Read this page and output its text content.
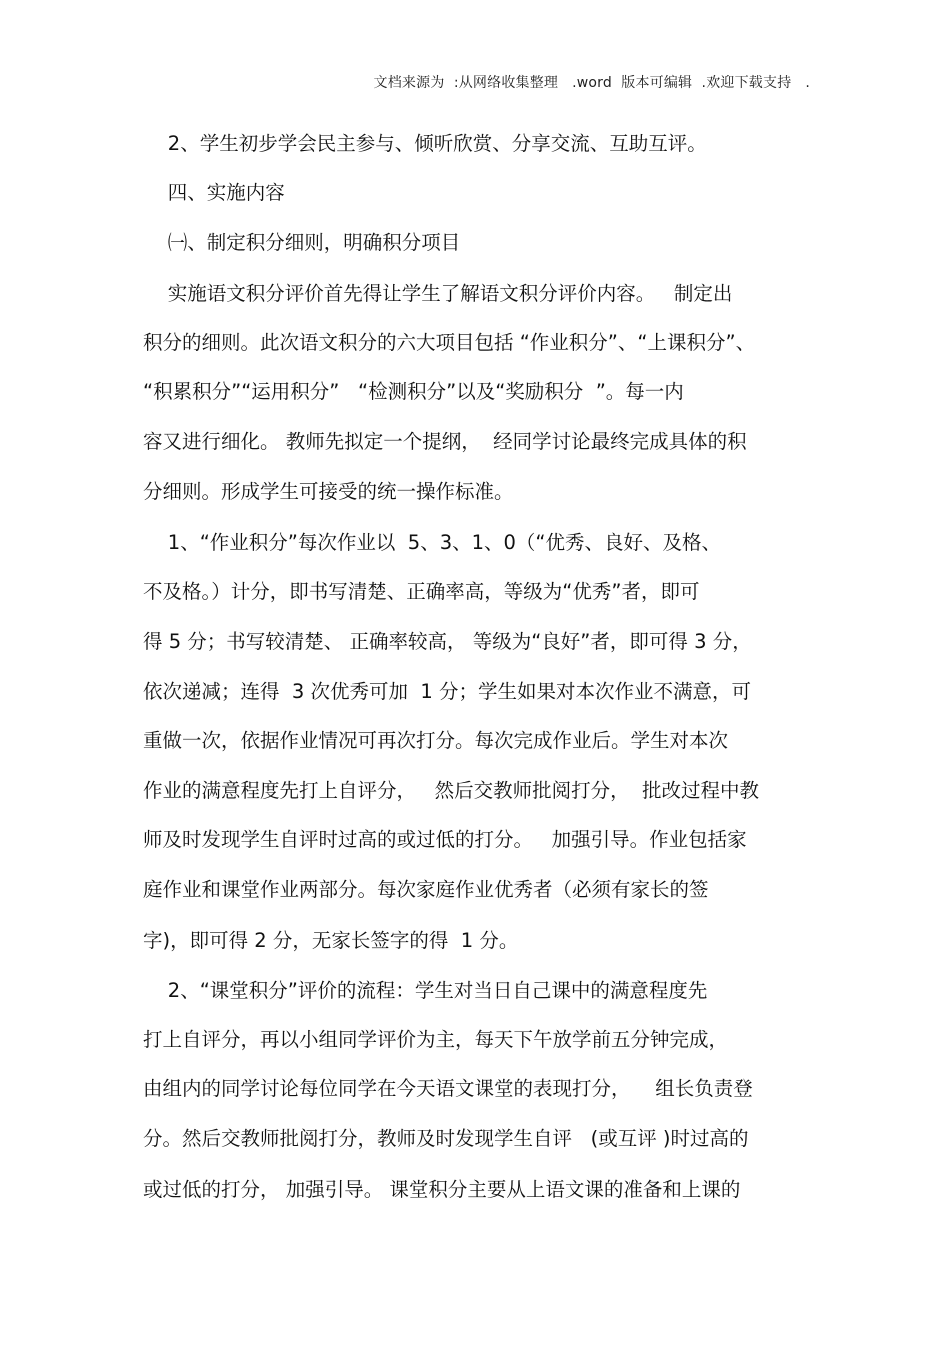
文档来源为  :从网络收集整理   .word  版本可编辑  .欢迎下载支持   .
2、学生初步学会民主参与、倾听欣赏、分享交流、互助互评。
四、实施内容
㈠、制定积分细则，明确积分项目
实施语文积分评价首先得让学生了解语文积分评价内容。   制定出
积分的细则。此次语文积分的六大项目包括 “作业积分”、“上课积分”、
“积累积分”“运用积分”   “检测积分”以及“奖励积分  ”。每一内
容又进行细化。 教师先拟定一个提纲，  经同学讨论最终完成具体的积
分细则。形成学生可接受的统一操作标准。
1、“作业积分”每次作业以  5、3、1、0（“优秀、良好、及格、
不及格。）计分，即书写清楚、正确率高，等级为“优秀”者，即可
得 5 分；书写较清楚、 正确率较高， 等级为“良好”者，即可得 3 分，
依次递减；连得  3 次优秀可加  1 分；学生如果对本次作业不满意，可
重做一次，依据作业情况可再次打分。每次完成作业后。学生对本次
作业的满意程度先打上自评分，   然后交教师批阅打分，  批改过程中教
师及时发现学生自评时过高的或过低的打分。   加强引导。作业包括家
庭作业和课堂作业两部分。每次家庭作业优秀者（必须有家长的签
字)，即可得 2 分，无家长签字的得  1 分。
2、“课堂积分”评价的流程：学生对当日自己课中的满意程度先
打上自评分，再以小组同学评价为主，每天下午放学前五分钟完成，
由组内的同学讨论每位同学在今天语文课堂的表现打分，    组长负责登
分。然后交教师批阅打分，教师及时发现学生自评   (或互评 )时过高的
或过低的打分， 加强引导。 课堂积分主要从上语文课的准备和上课的
